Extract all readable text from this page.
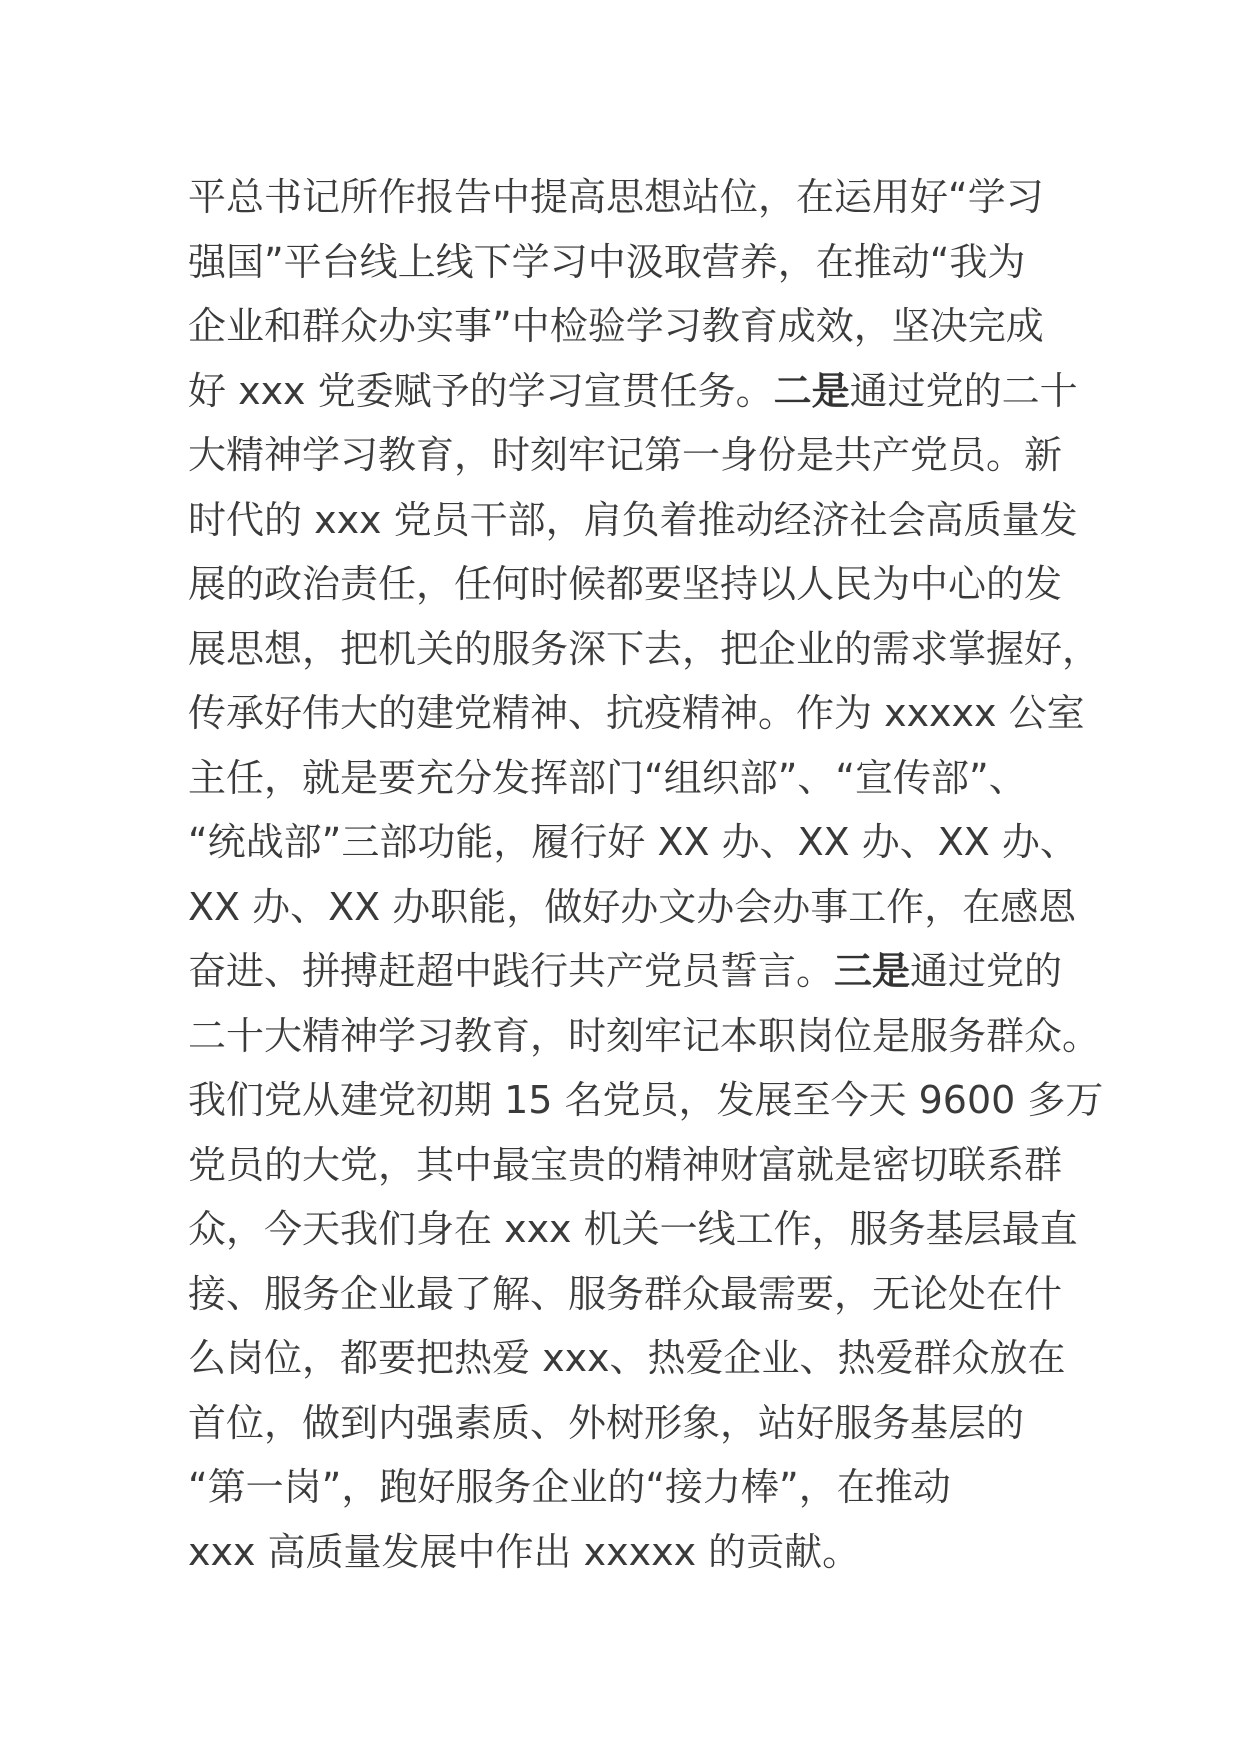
平总书记所作报告中提高思想站位，在运用好“学习
强国”平台线上线下学习中汲取营养，在推动“我为
企业和群众办实事”中检验学习教育成效，坚决完成
好 xxx 党委赋予的学习宣贯任务。二是通过党的二十
大精神学习教育，时刻牢记第一身份是共产党员。新
时代的 xxx 党员干部，肩负着推动经济社会高质量发
展的政治责任，任何时候都要坚持以人民为中心的发
展思想，把机关的服务深下去，把企业的需求掌握好，
传承好伟大的建党精神、抗疫精神。作为 xxxxx 公室
主任，就是要充分发挥部门“组织部”、“宣传部”、
“统战部”三部功能，履行好 XX 办、XX 办、XX 办、
XX 办、XX 办职能，做好办文办会办事工作，在感恩
奋进、拼搏赶超中践行共产党员誓言。三是通过党的
二十大精神学习教育，时刻牢记本职岗位是服务群众。
我们党从建党初期 15 名党员，发展至今天 9600 多万
党员的大党，其中最宝贵的精神财富就是密切联系群
众，今天我们身在 xxx 机关一线工作，服务基层最直
接、服务企业最了解、服务群众最需要，无论处在什
么岗位，都要把热爱 xxx、热爱企业、热爱群众放在
首位，做到内强素质、外树形象，站好服务基层的
“第一岗”，跑好服务企业的“接力棒”，在推动
xxx 高质量发展中作出 xxxxx 的贡献。
